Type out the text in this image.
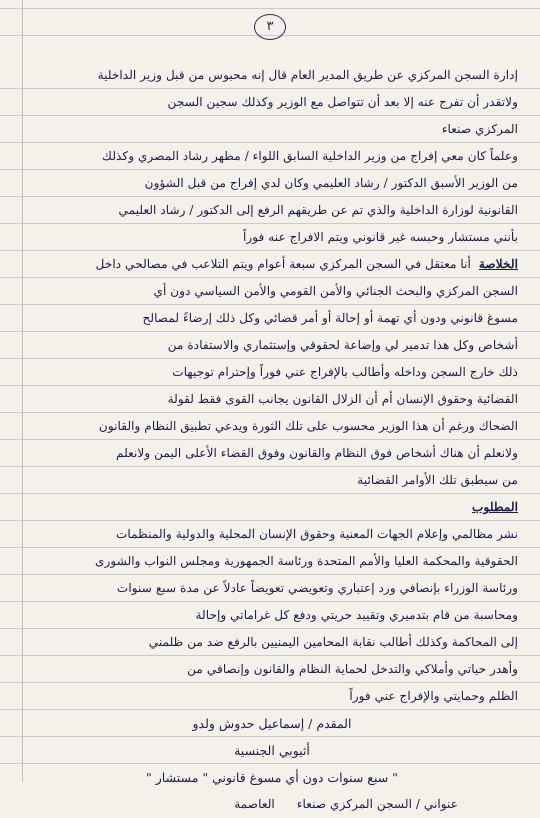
٣
إدارة السجن المركزي عن طريق المدير العام قال إنه محبوس من قبل وزير الداخلية
ولاتقدر أن تفرج عنه إلا بعد أن تتواصل مع الوزير وكذلك سجين السجن
المركزي صنعاء
وعلماً كان معي إفراج من وزير الداخلية السابق اللواء / مطهر رشاد المصري وكذلك
من الوزير الأسبق الدكتور / رشاد العليمي وكان لدي إفراج من قبل الشؤون
القانونية لوزارة الداخلية والذي تم عن طريقهم الرفع إلى الدكتور / رشاد العليمي
بأنني مستشار وحبسه غير قانوني ويتم الافراج عنه فوراً
الخلاصة
أنا معتقل في السجن المركزي سبعة أعوام ويتم التلاعب في مصالحي داخل
السجن المركزي والبحث الجنائي والأمن القومي والأمن السياسي دون أي
مسوغ قانوني ودون أي تهمة أو إحالة أو أمر قضائي وكل ذلك إرضاءً لمصالح
أشخاص وكل هذا تدمير لي وإضاعة لحقوقي وإستثماري والاستفادة من
ذلك خارج السجن وداخله وأطالب بالإفراج عني فوراً وإحترام توجيهات
القضائية وحقوق الإنسان أم أن الزلال القانون يجانب القوى فقط لقولة
الضحاك ورغم أن هذا الوزير محسوب على تلك الثورة ويدعي تطبيق النظام والقانون
ولانعلم أن هناك أشخاص فوق النظام والقانون وفوق القضاء الأعلى اليمن ولانعلم
من سيطبق تلك الأوامر القضائية
المطلوب
نشر مظالمي وإعلام الجهات المعنية وحقوق الإنسان المحلية والدولية والمنظمات
الحقوقية والمحكمة العليا والأمم المتحدة ورئاسة الجمهورية ومجلس النواب والشورى
ورئاسة الوزراء بإنصافي ورد إعتباري وتعويضي تعويضاً عادلاً عن مدة سبع سنوات
ومحاسبة من قام بتدميري وتقييد حريتي ودفع كل غراماتي وإحالة
إلى المحاكمة وكذلك أطالب نقابة المحامين اليمنيين بالرفع ضد من ظلمني
وأهدر حياتي وأملاكي والتدخل لحماية النظام والقانون وإنصافي من
الظلم وحمايتي والإفراج عني فوراً
المقدم / إسماعيل حدوش ولدو
أثيوبي الجنسية
" سبع سنوات دون أي مسوغ قانوني " مستشار "
عنواني / السجن المركزي صنعاء
العاصمة
